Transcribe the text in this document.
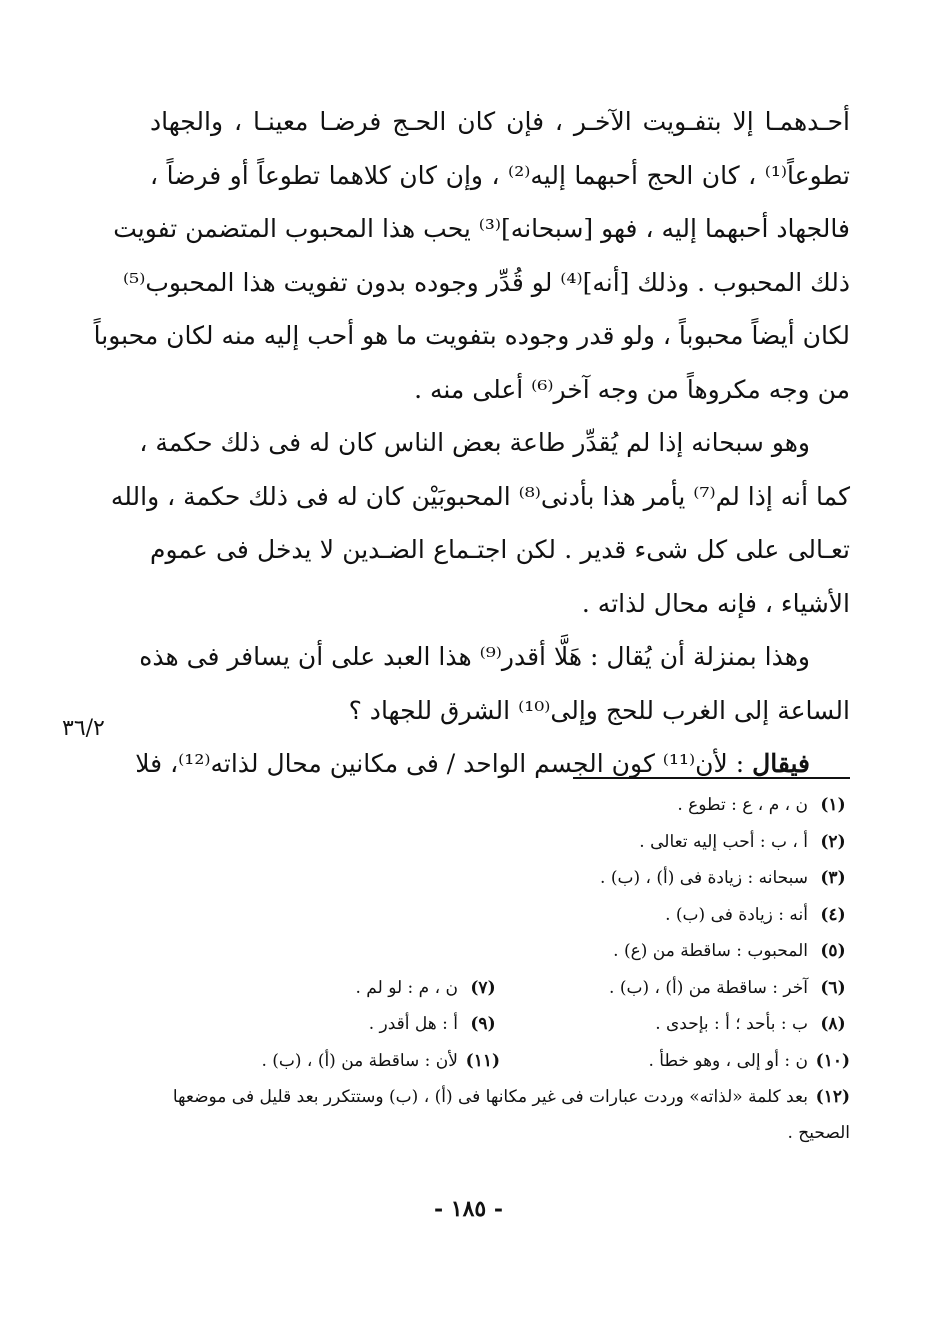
أحـدهمـا إلا بتفـويت الآخـر ، فإن كان الحـج فرضـا معينـا ، والجهاد
تطوعاً⁽¹⁾ ، كان الحج أحبهما إليه⁽²⁾ ، وإن كان كلاهما تطوعاً أو فرضاً ،
فالجهاد أحبهما إليه ، فهو [سبحانه]⁽³⁾ يحب هذا المحبوب المتضمن تفويت
ذلك المحبوب . وذلك [أنه]⁽⁴⁾ لو قُدِّر وجوده بدون تفويت هذا المحبوب⁽⁵⁾
لكان أيضاً محبوباً ، ولو قدر وجوده بتفويت ما هو أحب إليه منه لكان محبوباً
من وجه مكروهاً من وجه آخر⁽⁶⁾ أعلى منه .
وهو سبحانه إذا لم يُقدِّر طاعة بعض الناس كان له فى ذلك حكمة ،
كما أنه إذا لم⁽⁷⁾ يأمر هذا بأدنى⁽⁸⁾ المحبوبَيْن كان له فى ذلك حكمة ، والله
تعـالى على كل شىء قدير . لكن اجتـماع الضـدين لا يدخل فى عموم
الأشياء ، فإنه محال لذاته .
وهذا بمنزلة أن يُقال : هَلَّا أقدر⁽⁹⁾ هذا العبد على أن يسافر فى هذه
الساعة إلى الغرب للحج وإلى⁽¹⁰⁾ الشرق للجهاد ؟
فيقال : لأن⁽¹¹⁾ كون الجسم الواحد / فى مكانين محال لذاته⁽¹²⁾، فلا
٣٦/٢
(١)ن ، م ، ع : تطوع .
(٢)أ ، ب : أحب إليه تعالى .
(٣)سبحانه : زيادة فى (أ) ، (ب) .
(٤)أنه : زيادة فى (ب) .
(٥)المحبوب : ساقطة من (ع) .
(٦)آخر : ساقطة من (أ) ، (ب) .
(٧)ن ، م : لو لم .
(٨)ب : بأحد ؛ أ : بإحدى .
(٩)أ : هل أقدر .
(١٠)ن : أو إلى ، وهو خطأ .
(١١)لأن : ساقطة من (أ) ، (ب) .
(١٢)بعد كلمة «لذاته» وردت عبارات فى غير مكانها فى (أ) ، (ب) وستتكرر بعد قليل فى موضعها الصحيح .
- ١٨٥ -
